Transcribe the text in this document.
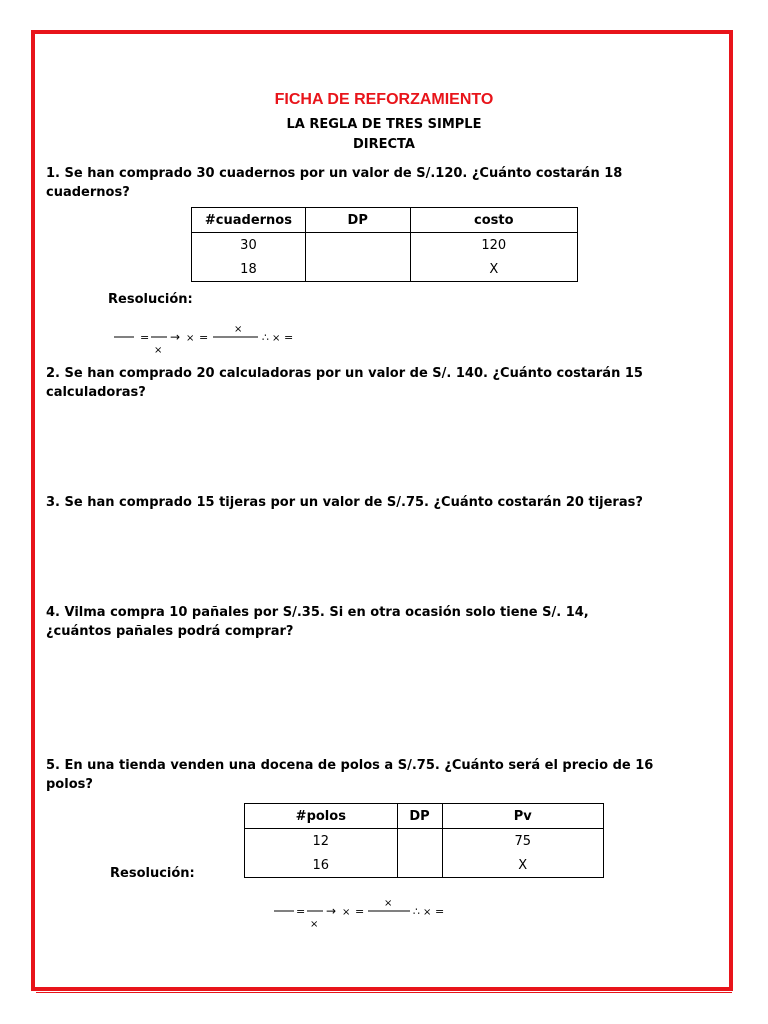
FICHA DE REFORZAMIENTO
LA REGLA DE TRES SIMPLE
DIRECTA
1. Se han comprado 30 cuadernos por un valor de S/.120. ¿Cuánto costarán 18 cuadernos?
#cuadernos	DP	costo
30		120
18		X
Resolución:
=
×
→ × =
×
∴ × =
2. Se han comprado 20 calculadoras por un valor de S/. 140. ¿Cuánto costarán 15 calculadoras?
3. Se han comprado 15 tijeras por un valor de S/.75. ¿Cuánto costarán 20 tijeras?
4. Vilma compra 10 pañales por S/.35. Si en otra ocasión solo tiene S/. 14, ¿cuántos pañales podrá comprar?
5. En una tienda venden una docena de polos a S/.75. ¿Cuánto será el precio de 16 polos?
#polos	DP	Pv
12		75
16		X
Resolución:
=
×
→ × =
×
∴ × =
